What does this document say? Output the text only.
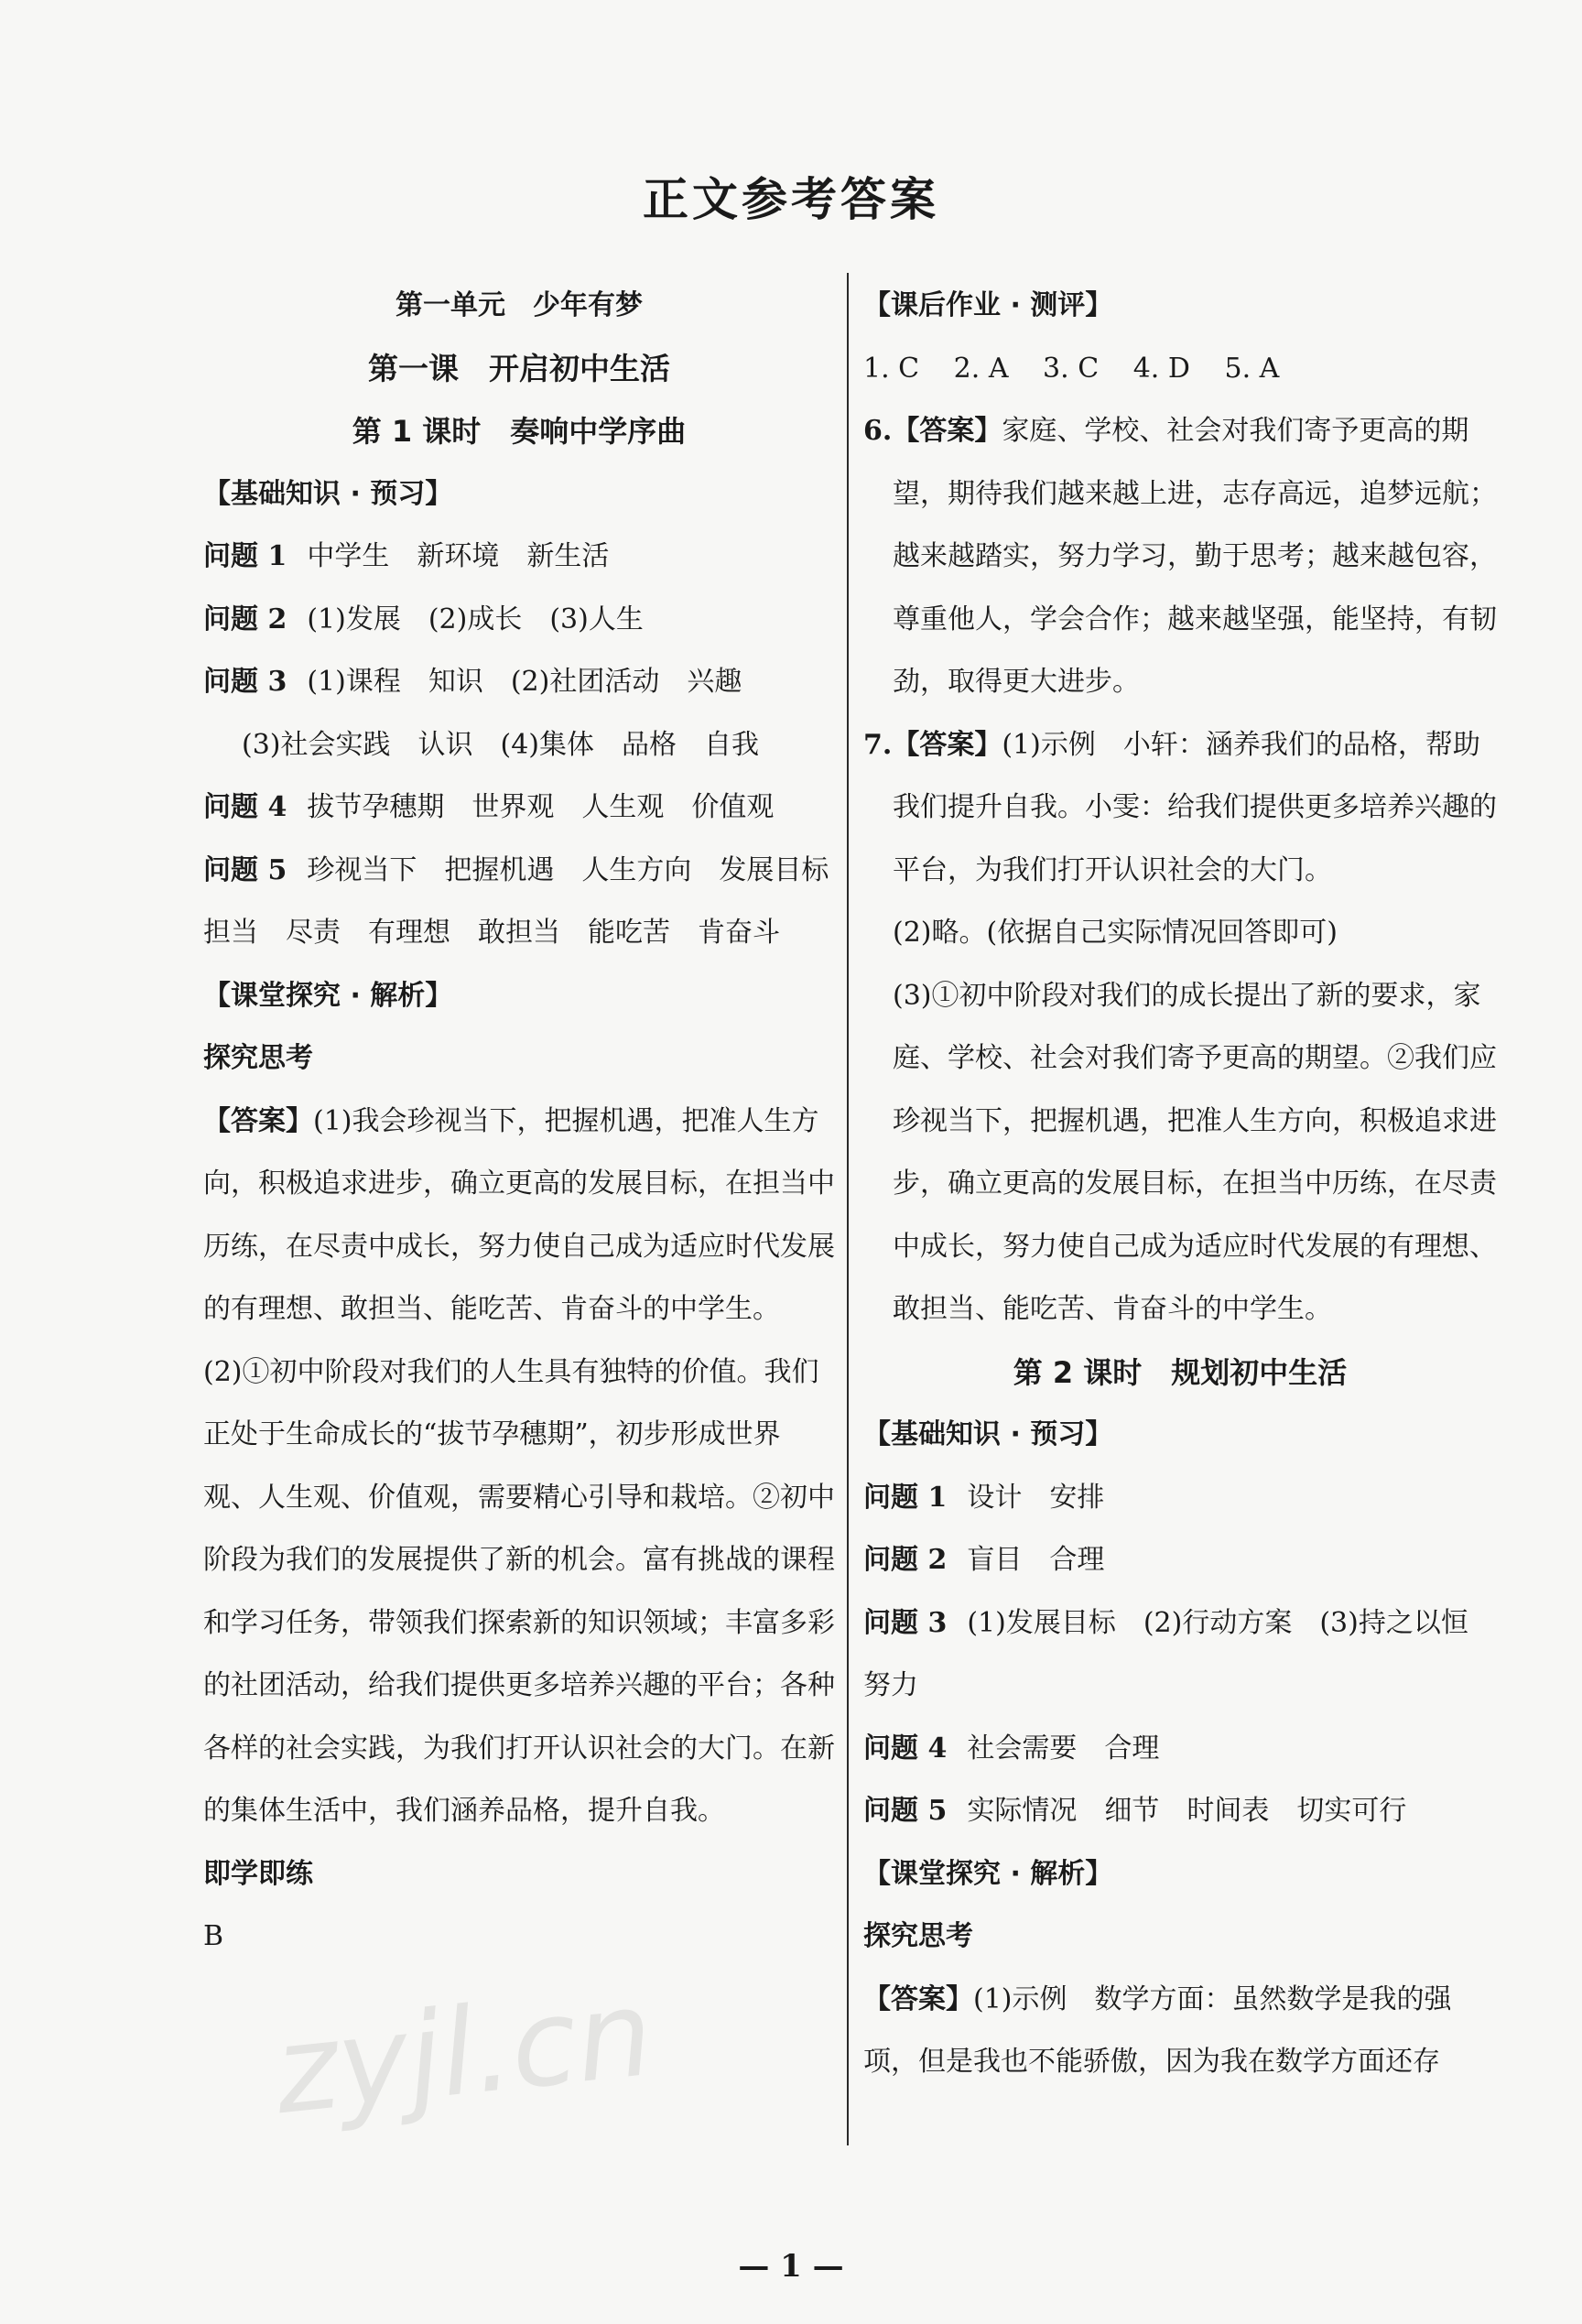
正文参考答案

第一单元　少年有梦

第一课　开启初中生活

第 1 课时　奏响中学序曲

【基础知识 · 预习】

问题 1 中学生　新环境　新生活

问题 2 (1)发展　(2)成长　(3)人生

问题 3 (1)课程　知识　(2)社团活动　兴趣

(3)社会实践　认识　(4)集体　品格　自我

问题 4 拔节孕穗期　世界观　人生观　价值观

问题 5 珍视当下　把握机遇　人生方向　发展目标　担当　尽责　有理想　敢担当　能吃苦　肯奋斗

【课堂探究 · 解析】

探究思考

【答案】(1)我会珍视当下，把握机遇，把准人生方向，积极追求进步，确立更高的发展目标，在担当中历练，在尽责中成长，努力使自己成为适应时代发展的有理想、敢担当、能吃苦、肯奋斗的中学生。

(2)①初中阶段对我们的人生具有独特的价值。我们正处于生命成长的“拔节孕穗期”，初步形成世界观、人生观、价值观，需要精心引导和栽培。②初中阶段为我们的发展提供了新的机会。富有挑战的课程和学习任务，带领我们探索新的知识领域；丰富多彩的社团活动，给我们提供更多培养兴趣的平台；各种各样的社会实践，为我们打开认识社会的大门。在新的集体生活中，我们涵养品格，提升自我。

即学即练

B

【课后作业 · 测评】

1. C 2. A 3. C 4. D 5. A

6.【答案】家庭、学校、社会对我们寄予更高的期望，期待我们越来越上进，志存高远，追梦远航；越来越踏实，努力学习，勤于思考；越来越包容，尊重他人，学会合作；越来越坚强，能坚持，有韧劲，取得更大进步。

7.【答案】(1)示例　小轩：涵养我们的品格，帮助我们提升自我。小雯：给我们提供更多培养兴趣的平台，为我们打开认识社会的大门。

(2)略。(依据自己实际情况回答即可)

(3)①初中阶段对我们的成长提出了新的要求，家庭、学校、社会对我们寄予更高的期望。②我们应珍视当下，把握机遇，把准人生方向，积极追求进步，确立更高的发展目标，在担当中历练，在尽责中成长，努力使自己成为适应时代发展的有理想、敢担当、能吃苦、肯奋斗的中学生。

第 2 课时　规划初中生活

【基础知识 · 预习】

问题 1 设计　安排

问题 2 盲目　合理

问题 3 (1)发展目标　(2)行动方案　(3)持之以恒　努力

问题 4 社会需要　合理

问题 5 实际情况　细节　时间表　切实可行

【课堂探究 · 解析】

探究思考

【答案】(1)示例　数学方面：虽然数学是我的强项，但是我也不能骄傲，因为我在数学方面还存

zyjl.cn
— 1 —
